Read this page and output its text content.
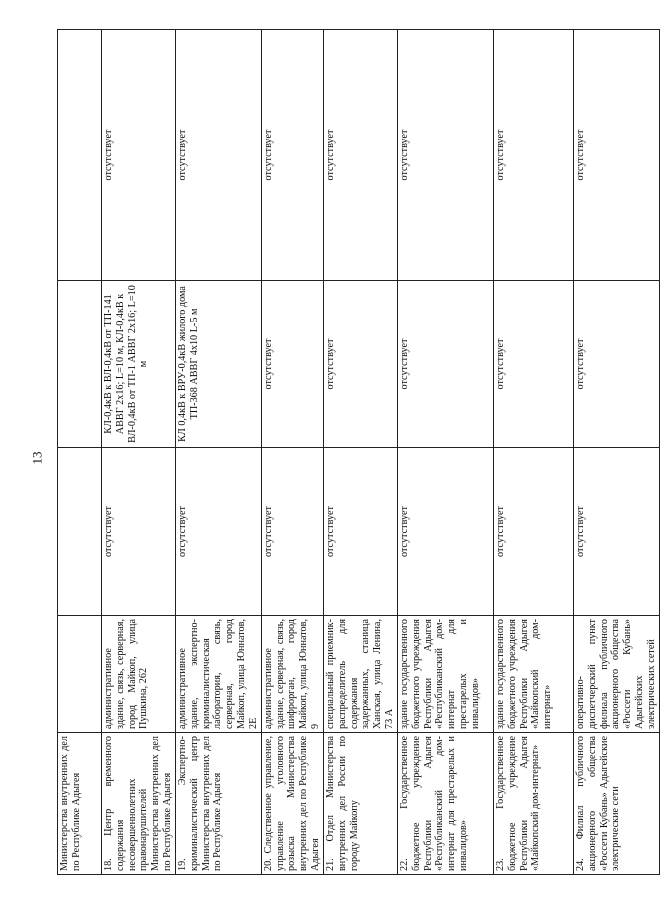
13
Министерства внутренних дел по Республике Адыгея				
18. Центр временного содержания несовершеннолетних правонарушителей Министерства внутренних дел по Республике Адыгея	административное здание, связь, серверная, город Майкоп, улица Пушкина, 262	отсутствует	КЛ-0,4кВ к ВЛ-0,4кВ от ТП-141 АВВГ 2х16; L=10 м, КЛ-0,4кВ к ВЛ-0,4кВ от ТП-1 АВВГ 2х16; L=10 м	отсутствует
19. Экспертно-криминалистический центр Министерства внутренних дел по Республике Адыгея	административное здание, экспертно-криминалистическая лаборатория, связь, серверная, город Майкоп, улица Юннатов, 2Е	отсутствует	КЛ 0,4кВ к ВРУ-0,4кВ жилого дома ТП-368 АВВГ 4х10 L-5 м	отсутствует
20. Следственное управление, управление уголовного розыска Министерства внутренних дел по Республике Адыгея	административное здание, серверная, связь, шифрорган, город Майкоп, улица Юннатов, 9	отсутствует	отсутствует	отсутствует
21. Отдел Министерства внутренних дел России по городу Майкопу	специальный приемник-распределитель для содержания задержанных, станица Ханская, улица Ленина, 73 А	отсутствует	отсутствует	отсутствует
22. Государственное бюджетное учреждение Республики Адыгея «Республиканский дом-интернат для престарелых и инвалидов»	здание государственного бюджетного учреждения Республики Адыгея «Республиканский дом-интернат для престарелых и инвалидов»	отсутствует	отсутствует	отсутствует
23. Государственное бюджетное учреждение Республики Адыгея «Майкопский дом-интернат»	здание государственного бюджетного учреждения Республики Адыгея «Майкопский дом-интернат»	отсутствует	отсутствует	отсутствует
24. Филиал публичного акционерного общества «Россети Кубань» Адыгейские электрические сети	оперативно-диспетчерский пункт филиала публичного акционерного общества «Россети Кубань» Адыгейских электрических сетей	отсутствует	отсутствует	отсутствует
